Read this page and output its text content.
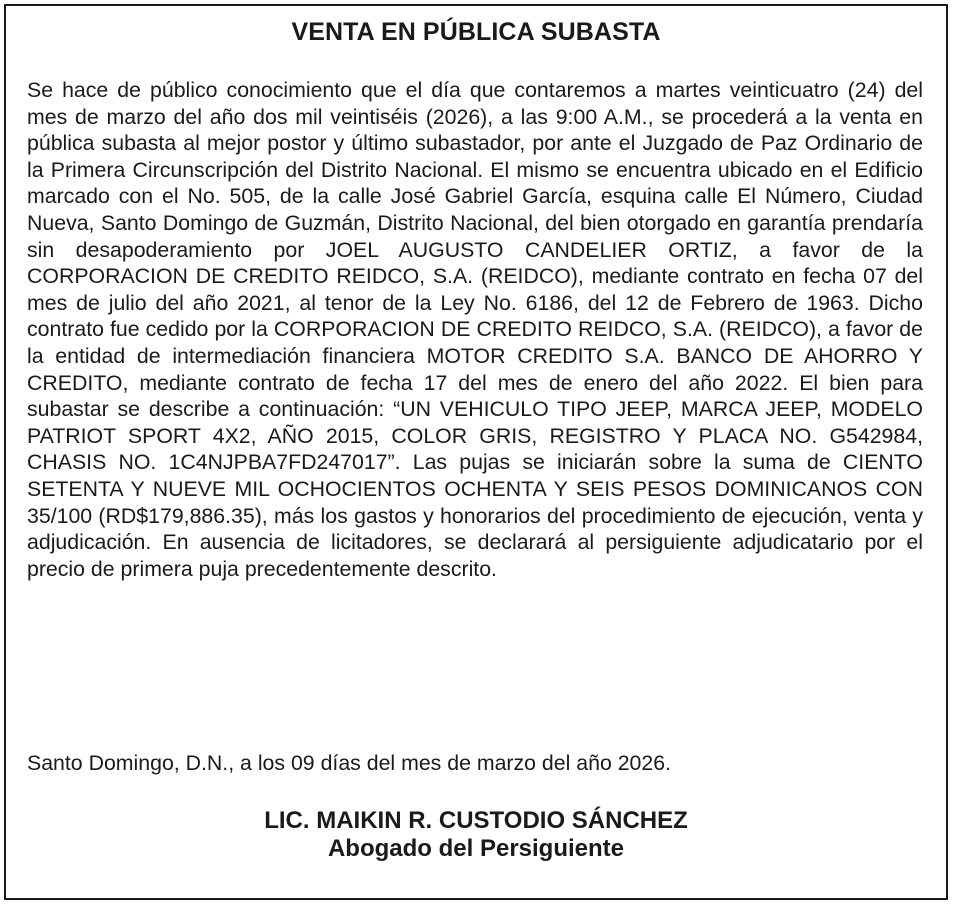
VENTA EN PÚBLICA SUBASTA
Se hace de público conocimiento que el día que contaremos a martes veinticuatro (24) del mes de marzo del año dos mil veintiséis (2026), a las 9:00 A.M., se procederá a la venta en pública subasta al mejor postor y último subastador, por ante el Juzgado de Paz Ordinario de la Primera Circunscripción del Distrito Nacional. El mismo se encuentra ubicado en el Edificio marcado con el No. 505, de la calle José Gabriel García, esquina calle El Número, Ciudad Nueva, Santo Domingo de Guzmán, Distrito Nacional, del bien otorgado en garantía prendaría sin desapoderamiento por JOEL AUGUSTO CANDELIER ORTIZ, a favor de la CORPORACION DE CREDITO REIDCO, S.A. (REIDCO), mediante contrato en fecha 07 del mes de julio del año 2021, al tenor de la Ley No. 6186, del 12 de Febrero de 1963. Dicho contrato fue cedido por la CORPORACION DE CREDITO REIDCO, S.A. (REIDCO), a favor de la entidad de intermediación financiera MOTOR CREDITO S.A. BANCO DE AHORRO Y CREDITO, mediante contrato de fecha 17 del mes de enero del año 2022. El bien para subastar se describe a continuación: “UN VEHICULO TIPO JEEP, MARCA JEEP, MODELO PATRIOT SPORT 4X2, AÑO 2015, COLOR GRIS, REGISTRO Y PLACA NO. G542984, CHASIS NO. 1C4NJPBA7FD247017”. Las pujas se iniciarán sobre la suma de CIENTO SETENTA Y NUEVE MIL OCHOCIENTOS OCHENTA Y SEIS PESOS DOMINICANOS CON 35/100 (RD$179,886.35), más los gastos y honorarios del procedimiento de ejecución, venta y adjudicación. En ausencia de licitadores, se declarará al persiguiente adjudicatario por el precio de primera puja precedentemente descrito.
Santo Domingo, D.N., a los 09 días del mes de marzo del año 2026.
LIC. MAIKIN R. CUSTODIO SÁNCHEZ
Abogado del Persiguiente
